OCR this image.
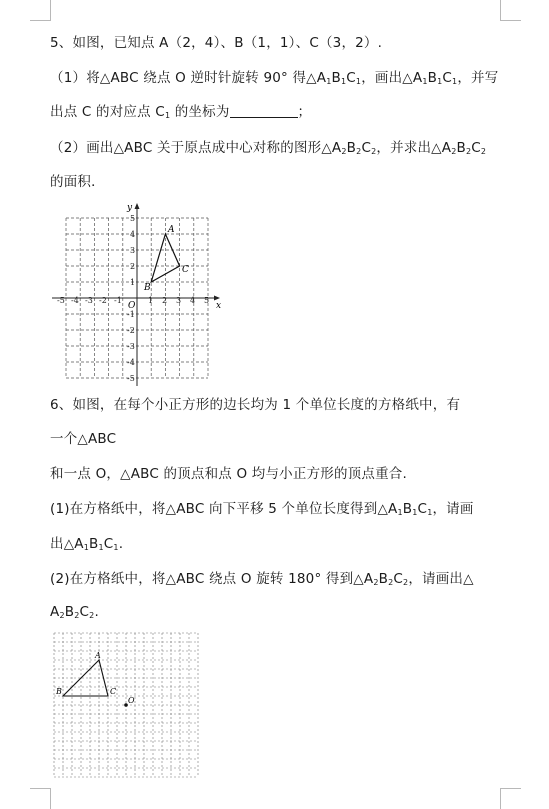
5、如图，已知点 A（2，4）、B（1，1）、C（3，2）.
（1）将△ABC 绕点 O 逆时针旋转 90° 得$\triangle A_1B_1C_1$，画出$\triangle A_1B_1C_1$，并写
出点 C 的对应点 $C_1$ 的坐标为	；
（2）画出△ABC 关于原点成中心对称的图形$\triangle A_2B_2C_2$，并求出$\triangle A_2B_2C_2$
的面积．
x
y
O
-5 -4 -3 -2 -1	1 2 3 4 5
5
4
3
2
1
-1
-2
-3
-4
-5
A
B
C
6、如图，在每个小正方形的边长均为 1 个单位长度的方格纸中，有
一个△ABC
和一点 O，△ABC 的顶点和点 O 均与小正方形的顶点重合.
(1)在方格纸中，将△ABC 向下平移 5 个单位长度得到$\triangle A_1B_1C_1$，请画
出$\triangle A_1B_1C_1$.
(2)在方格纸中，将△ABC 绕点 O 旋转 180° 得到$\triangle A_2B_2C_2$，请画出△
$A_2B_2C_2$.
A
B	C
O
